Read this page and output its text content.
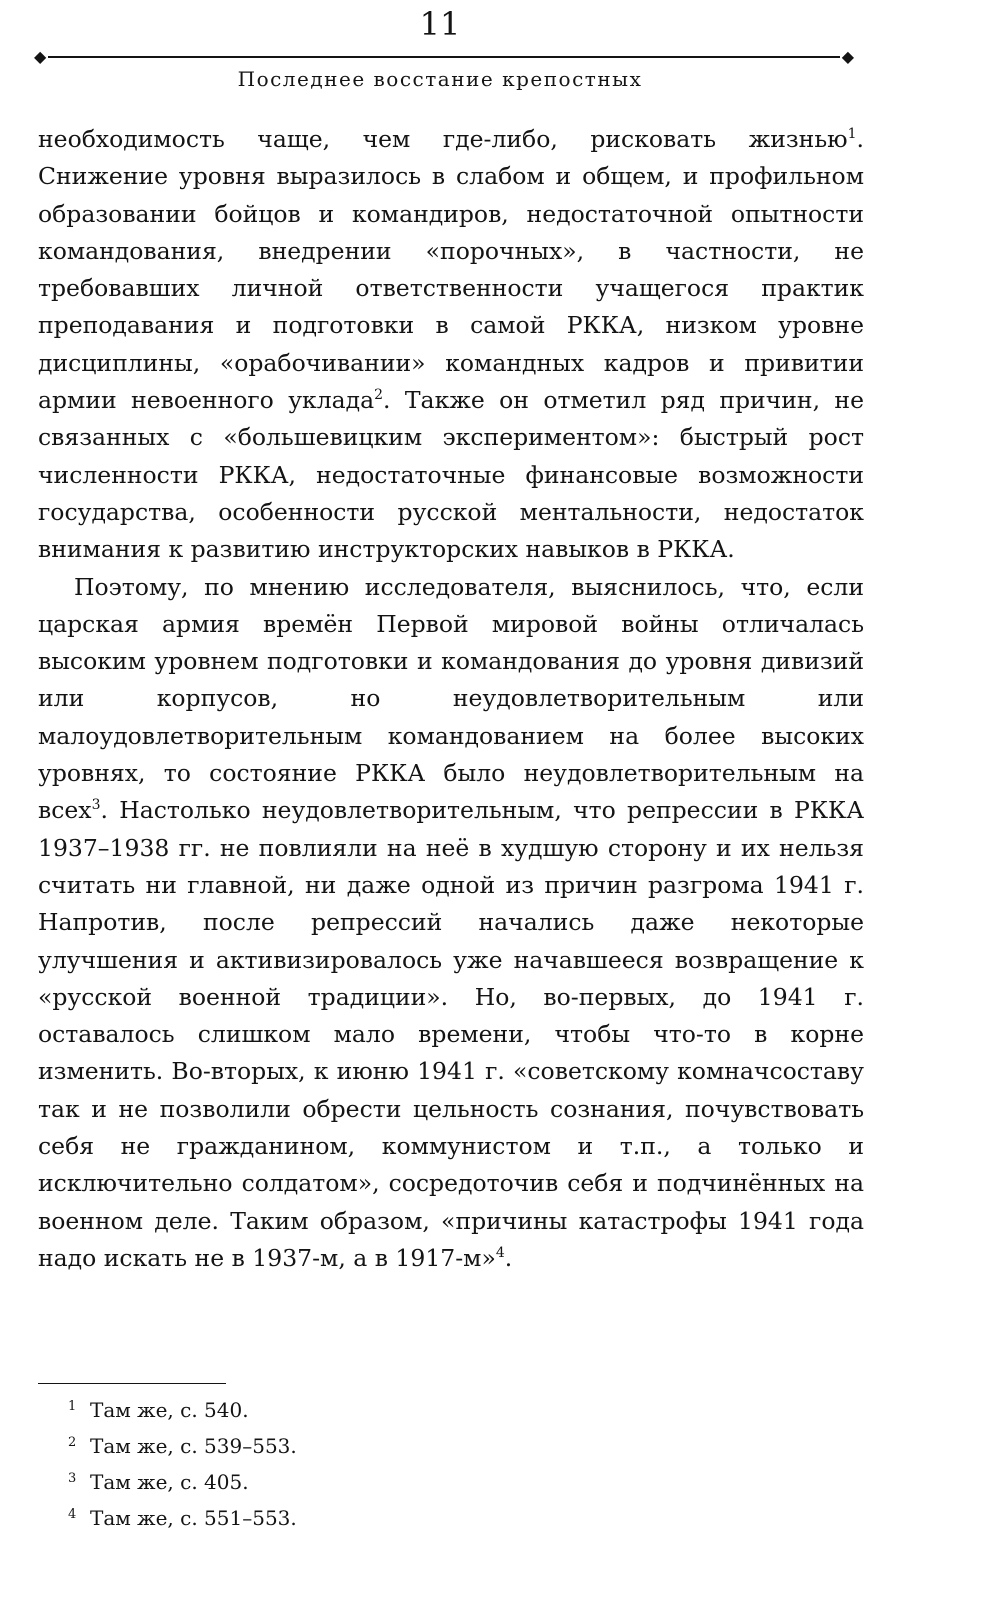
11
◆	◆
Последнее восстание крепостных

необходимость чаще, чем где-либо, рисковать жизнью$^1$. Снижение уровня выразилось в слабом и общем, и профильном образовании бойцов и командиров, недостаточной опытности командования, внедрении «порочных», в частности, не требовавших личной ответственности учащегося практик преподавания и подготовки в самой РККА, низком уровне дисциплины, «орабочивании» командных кадров и привитии армии невоенного уклада$^2$. Также он отметил ряд причин, не связанных с «большевицким экспериментом»: быстрый рост численности РККА, недостаточные финансовые возможности государства, особенности русской ментальности, недостаток внимания к развитию инструкторских навыков в РККА.

Поэтому, по мнению исследователя, выяснилось, что, если царская армия времён Первой мировой войны отличалась высоким уровнем подготовки и командования до уровня дивизий или корпусов, но неудовлетворительным или малоудовлетворительным командованием на более высоких уровнях, то состояние РККА было неудовлетворительным на всех$^3$. Настолько неудовлетворительным, что репрессии в РККА 1937–1938 гг. не повлияли на неё в худшую сторону и их нельзя считать ни главной, ни даже одной из причин разгрома 1941 г. Напротив, после репрессий начались даже некоторые улучшения и активизировалось уже начавшееся возвращение к «русской военной традиции». Но, во-первых, до 1941 г. оставалось слишком мало времени, чтобы что-то в корне изменить. Во-вторых, к июню 1941 г. «советскому комначсоставу так и не позволили обрести цельность сознания, почувствовать себя не гражданином, коммунистом и т.п., а только и исключительно солдатом», сосредоточив себя и подчинённых на военном деле. Таким образом, «причины катастрофы 1941 года надо искать не в 1937-м, а в 1917-м»$^4$.

1 Там же, с. 540.
2 Там же, с. 539–553.
3 Там же, с. 405.
4 Там же, с. 551–553.
